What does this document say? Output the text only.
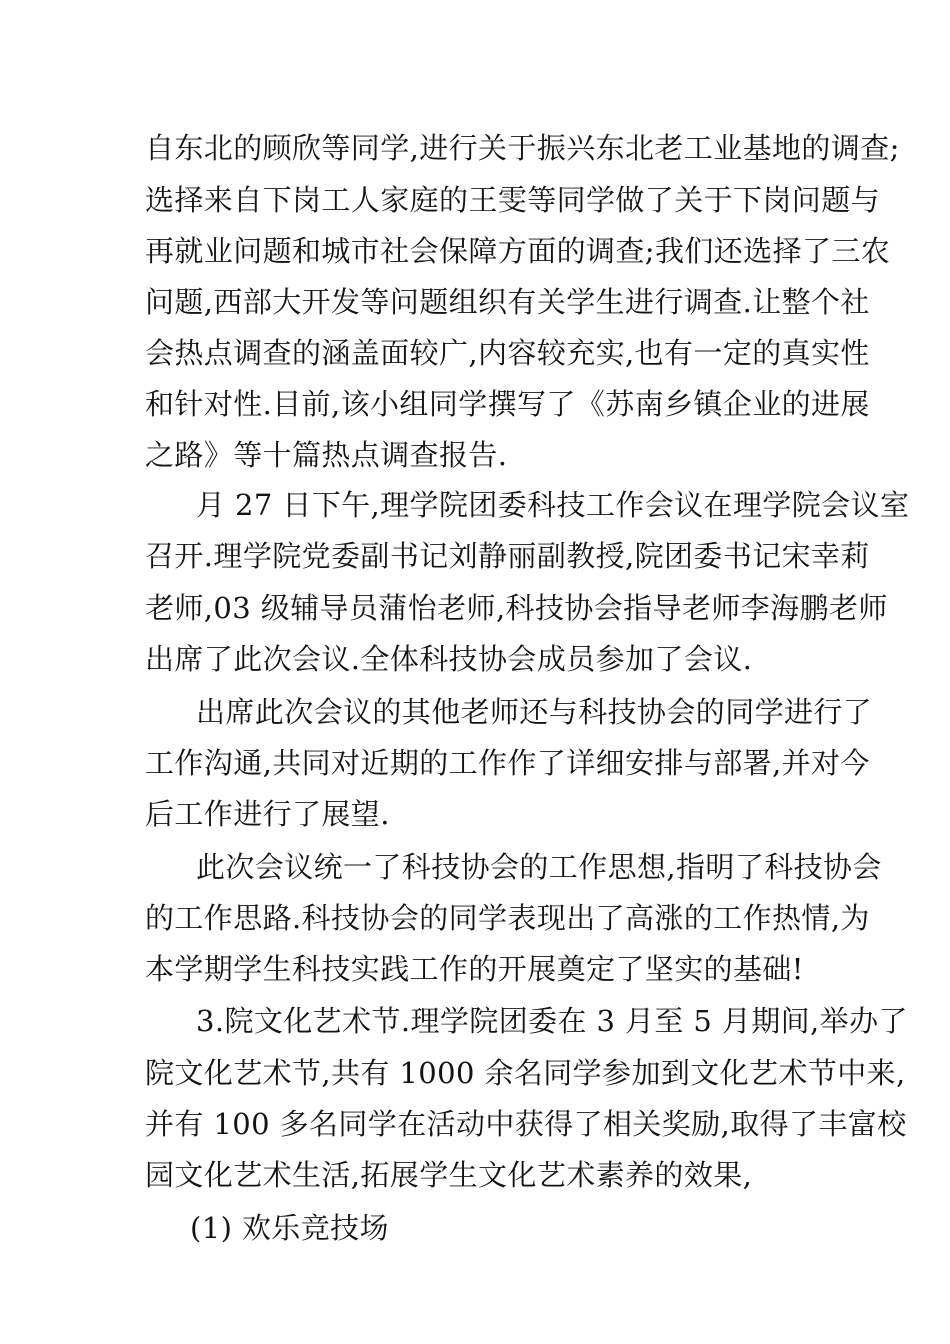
自东北的顾欣等同学,进行关于振兴东北老工业基地的调查;
选择来自下岗工人家庭的王雯等同学做了关于下岗问题与
再就业问题和城市社会保障方面的调查;我们还选择了三农
问题,西部大开发等问题组织有关学生进行调查.让整个社
会热点调查的涵盖面较广,内容较充实,也有一定的真实性
和针对性.目前,该小组同学撰写了《苏南乡镇企业的进展
之路》等十篇热点调查报告.
月 27 日下午,理学院团委科技工作会议在理学院会议室
召开.理学院党委副书记刘静丽副教授,院团委书记宋幸莉
老师,03 级辅导员蒲怡老师,科技协会指导老师李海鹏老师
出席了此次会议.全体科技协会成员参加了会议.
出席此次会议的其他老师还与科技协会的同学进行了
工作沟通,共同对近期的工作作了详细安排与部署,并对今
后工作进行了展望.
此次会议统一了科技协会的工作思想,指明了科技协会
的工作思路.科技协会的同学表现出了高涨的工作热情,为
本学期学生科技实践工作的开展奠定了坚实的基础!
3.院文化艺术节.理学院团委在 3 月至 5 月期间,举办了
院文化艺术节,共有 1000 余名同学参加到文化艺术节中来,
并有 100 多名同学在活动中获得了相关奖励,取得了丰富校
园文化艺术生活,拓展学生文化艺术素养的效果,
(1) 欢乐竞技场
